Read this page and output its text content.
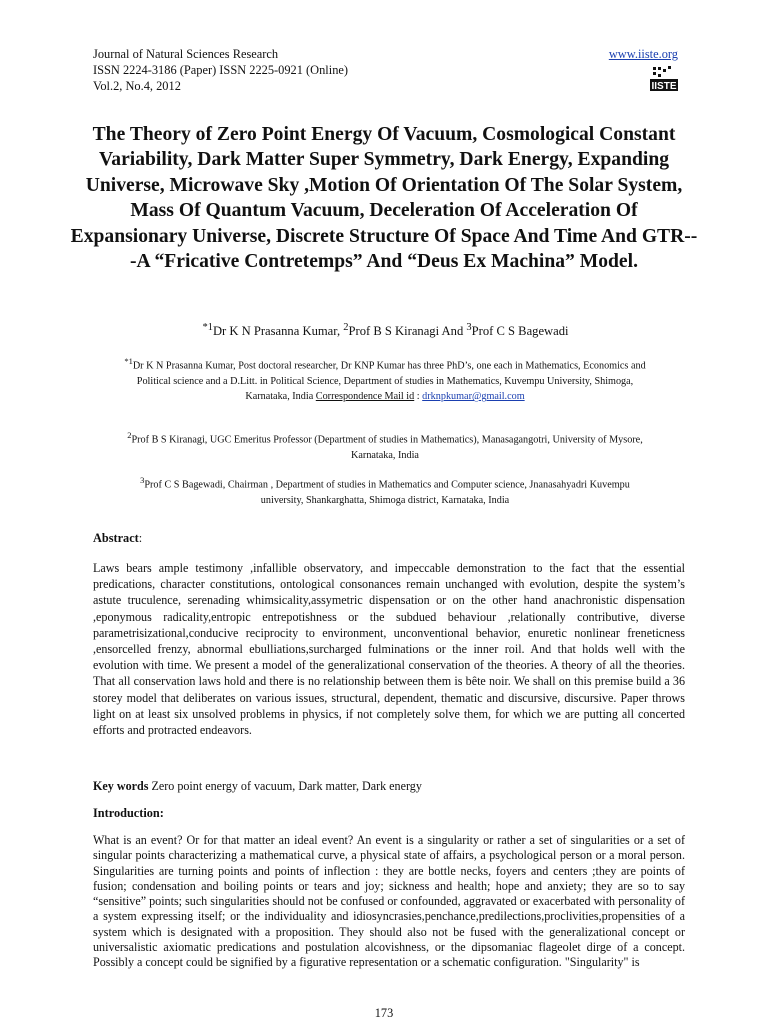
Journal of Natural Sciences Research
ISSN 2224-3186 (Paper) ISSN 2225-0921 (Online)
Vol.2, No.4, 2012
www.iiste.org
IISTE
The Theory of Zero Point Energy Of Vacuum, Cosmological Constant Variability, Dark Matter Super Symmetry, Dark Energy, Expanding Universe, Microwave Sky ,Motion Of Orientation Of The Solar System, Mass Of Quantum Vacuum, Deceleration Of Acceleration Of Expansionary Universe, Discrete Structure Of Space And Time And GTR---A “Fricative Contretemps” And “Deus Ex Machina” Model.
$^{*1}$Dr K N Prasanna Kumar, $^2$Prof B S Kiranagi And $^3$Prof C S Bagewadi
$^{*1}$Dr K N Prasanna Kumar, Post doctoral researcher, Dr KNP Kumar has three PhD’s, one each in Mathematics, Economics and Political science and a D.Litt. in Political Science, Department of studies in Mathematics, Kuvempu University, Shimoga, Karnataka, India Correspondence Mail id : drknpkumar@gmail.com
$^2$Prof B S Kiranagi, UGC Emeritus Professor (Department of studies in Mathematics), Manasagangotri, University of Mysore, Karnataka, India
$^3$Prof C S Bagewadi, Chairman , Department of studies in Mathematics and Computer science, Jnanasahyadri Kuvempu university, Shankarghatta, Shimoga district, Karnataka, India
Abstract:

Laws bears ample testimony ,infallible observatory, and impeccable demonstration to the fact that the essential predications, character constitutions, ontological consonances remain unchanged with evolution, despite the system’s astute truculence, serenading whimsicality,assymetric dispensation or on the other hand anachronistic dispensation ,eponymous radicality,entropic entrepotishness or the subdued behaviour ,relationally contributive, diverse parametrisizational,conducive reciprocity to environment, unconventional behavior, enuretic nonlinear freneticness ,ensorcelled frenzy, abnormal ebulliations,surcharged fulminations or the inner roil. And that holds well with the evolution with time. We present a model of the generalizational conservation of the theories. A theory of all the theories. That all conservation laws hold and there is no relationship between them is bête noir. We shall on this premise build a 36 storey model that deliberates on various issues, structural, dependent, thematic and discursive, discursive. Paper throws light on at least six unsolved problems in physics, if not completely solve them, for which we are putting all concerted efforts and protracted endeavors.

Key words Zero point energy of vacuum, Dark matter, Dark energy

Introduction:

What is an event? Or for that matter an ideal event? An event is a singularity or rather a set of singularities or a set of singular points characterizing a mathematical curve, a physical state of affairs, a psychological person or a moral person. Singularities are turning points and points of inflection : they are bottle necks, foyers and centers ;they are points of fusion; condensation and boiling points or tears and joy; sickness and health; hope and anxiety; they are so to say “sensitive” points; such singularities should not be confused or confounded, aggravated or exacerbated with personality of a system expressing itself; or the individuality and idiosyncrasies,penchance,predilections,proclivities,propensities of a system which is designated with a proposition. They should also not be fused with the generalizational concept or universalistic axiomatic predications and postulation alcovishness, or the dipsomaniac flageolet dirge of a concept. Possibly a concept could be signified by a figurative representation or a schematic configuration. "Singularity" is

173
